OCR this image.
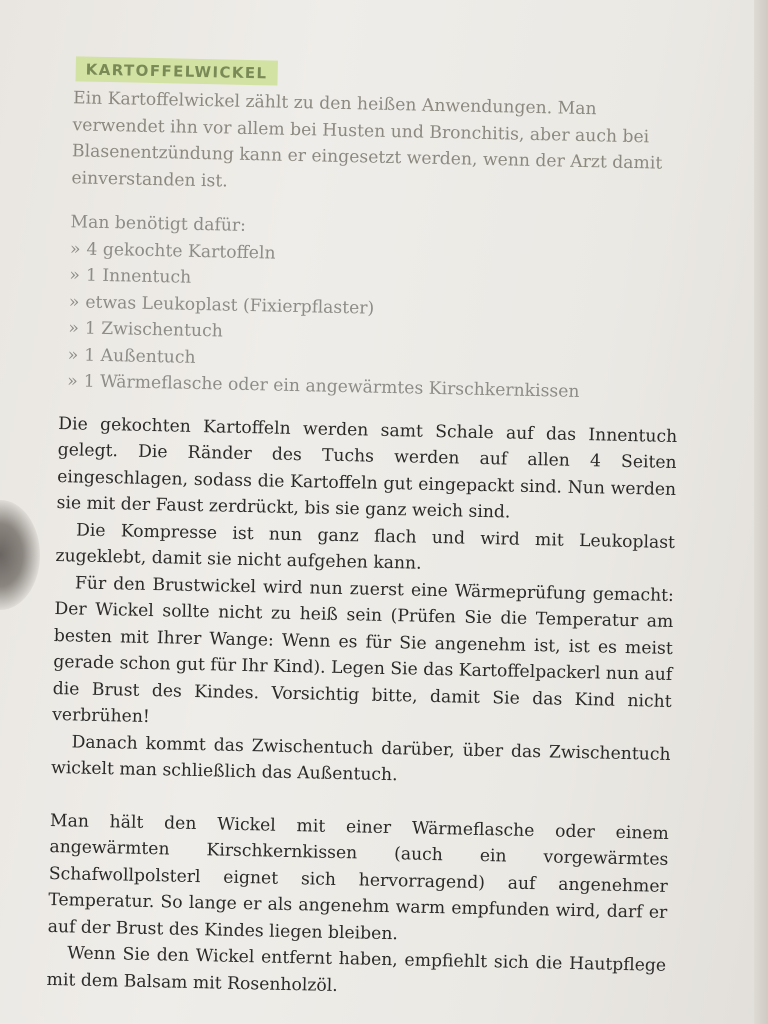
KARTOFFELWICKEL

Ein Kartoffelwickel zählt zu den heißen Anwendungen. Man verwendet ihn vor allem bei Husten und Bronchitis, aber auch bei Blasenentzündung kann er eingesetzt werden, wenn der Arzt damit einverstanden ist.

Man benötigt dafür:

» 4 gekochte Kartoffeln
» 1 Innentuch
» etwas Leukoplast (Fixierpflaster)
» 1 Zwischentuch
» 1 Außentuch
» 1 Wärmeflasche oder ein angewärmtes Kirschkernkissen

Die gekochten Kartoffeln werden samt Schale auf das Innentuch gelegt. Die Ränder des Tuchs werden auf allen 4 Seiten eingeschlagen, sodass die Kartoffeln gut eingepackt sind. Nun werden sie mit der Faust zerdrückt, bis sie ganz weich sind.

Die Kompresse ist nun ganz flach und wird mit Leukoplast zugeklebt, damit sie nicht aufgehen kann.

Für den Brustwickel wird nun zuerst eine Wärmeprüfung gemacht: Der Wickel sollte nicht zu heiß sein (Prüfen Sie die Temperatur am besten mit Ihrer Wange: Wenn es für Sie angenehm ist, ist es meist gerade schon gut für Ihr Kind). Legen Sie das Kartoffelpackerl nun auf die Brust des Kindes. Vorsichtig bitte, damit Sie das Kind nicht verbrühen!

Danach kommt das Zwischentuch darüber, über das Zwischentuch wickelt man schließlich das Außentuch.

Man hält den Wickel mit einer Wärmeflasche oder einem angewärmten Kirschkernkissen (auch ein vorgewärmtes Schafwollpolsterl eignet sich hervorragend) auf angenehmer Temperatur. So lange er als angenehm warm empfunden wird, darf er auf der Brust des Kindes liegen bleiben.

Wenn Sie den Wickel entfernt haben, empfiehlt sich die Hautpflege mit dem Balsam mit Rosenholzöl.
